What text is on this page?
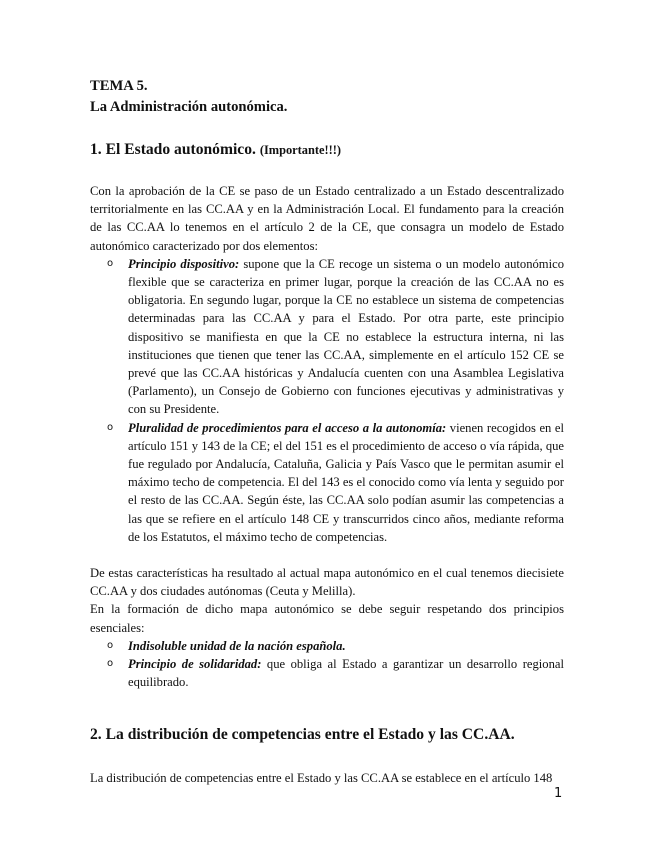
TEMA 5.
La Administración autonómica.
1. El Estado autonómico. (Importante!!!)

Con la aprobación de la CE se paso de un Estado centralizado a un Estado descentralizado territorialmente en las CC.AA y en la Administración Local. El fundamento para la creación de las CC.AA lo tenemos en el artículo 2 de la CE, que consagra un modelo de Estado autonómico caracterizado por dos elementos:

o Principio dispositivo: supone que la CE recoge un sistema o un modelo autonómico flexible que se caracteriza en primer lugar, porque la creación de las CC.AA no es obligatoria. En segundo lugar, porque la CE no establece un sistema de competencias determinadas para las CC.AA y para el Estado. Por otra parte, este principio dispositivo se manifiesta en que la CE no establece la estructura interna, ni las instituciones que tienen que tener las CC.AA, simplemente en el artículo 152 CE se prevé que las CC.AA históricas y Andalucía cuenten con una Asamblea Legislativa (Parlamento), un Consejo de Gobierno con funciones ejecutivas y administrativas y con su Presidente.
o Pluralidad de procedimientos para el acceso a la autonomía: vienen recogidos en el artículo 151 y 143 de la CE; el del 151 es el procedimiento de acceso o vía rápida, que fue regulado por Andalucía, Cataluña, Galicia y País Vasco que le permitan asumir el máximo techo de competencia. El del 143 es el conocido como vía lenta y seguido por el resto de las CC.AA. Según éste, las CC.AA solo podían asumir las competencias a las que se refiere en el artículo 148 CE y transcurridos cinco años, mediante reforma de los Estatutos, el máximo techo de competencias.

De estas características ha resultado al actual mapa autonómico en el cual tenemos diecisiete CC.AA y dos ciudades autónomas (Ceuta y Melilla).

En la formación de dicho mapa autonómico se debe seguir respetando dos principios esenciales:

o Indisoluble unidad de la nación española.
o Principio de solidaridad: que obliga al Estado a garantizar un desarrollo regional equilibrado.
2. La distribución de competencias entre el Estado y las CC.AA.

La distribución de competencias entre el Estado y las CC.AA se establece en el artículo 148

1
